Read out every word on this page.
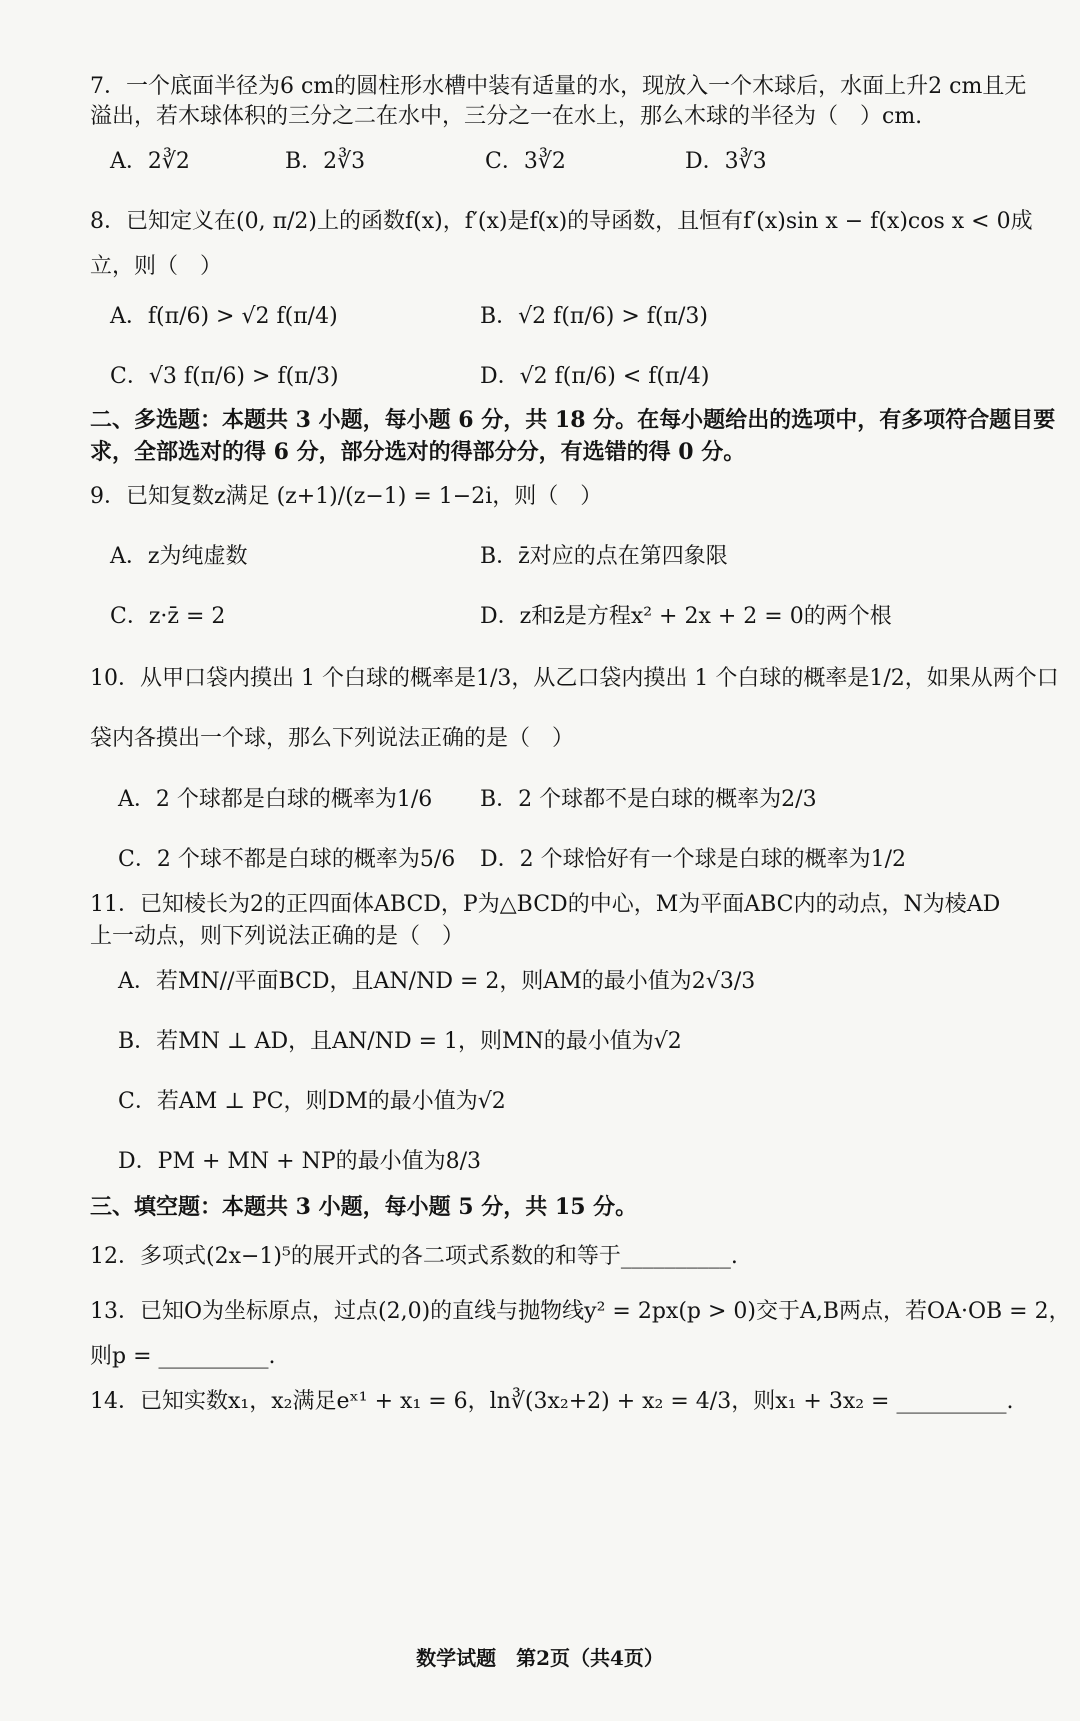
7．一个底面半径为6 cm的圆柱形水槽中装有适量的水，现放入一个木球后，水面上升2 cm且无
溢出，若木球体积的三分之二在水中，三分之一在水上，那么木球的半径为（　）cm.
A．2∛2	B．2∛3	C．3∛2	D．3∛3
8．已知定义在(0, π/2)上的函数f(x)，f′(x)是f(x)的导函数，且恒有f′(x)sin x − f(x)cos x < 0成
立，则（　）
A．f(π/6) > √2 f(π/4)	B．√2 f(π/6) > f(π/3)
C．√3 f(π/6) > f(π/3)	D．√2 f(π/6) < f(π/4)
二、多选题：本题共 3 小题，每小题 6 分，共 18 分。在每小题给出的选项中，有多项符合题目要
求，全部选对的得 6 分，部分选对的得部分分，有选错的得 0 分。
9．已知复数z满足 (z+1)/(z−1) = 1−2i，则（　）
A．z为纯虚数	B．z̄对应的点在第四象限
C．z·z̄ = 2	D．z和z̄是方程x² + 2x + 2 = 0的两个根
10．从甲口袋内摸出 1 个白球的概率是1/3，从乙口袋内摸出 1 个白球的概率是1/2，如果从两个口
袋内各摸出一个球，那么下列说法正确的是（　）
A．2 个球都是白球的概率为1/6 B．2 个球都不是白球的概率为2/3
C．2 个球不都是白球的概率为5/6 D．2 个球恰好有一个球是白球的概率为1/2
11．已知棱长为2的正四面体ABCD，P为△BCD的中心，M为平面ABC内的动点，N为棱AD
上一动点，则下列说法正确的是（　）
A．若MN//平面BCD，且AN/ND = 2，则AM的最小值为2√3/3
B．若MN ⊥ AD，且AN/ND = 1，则MN的最小值为√2
C．若AM ⊥ PC，则DM的最小值为√2
D．PM + MN + NP的最小值为8/3
三、填空题：本题共 3 小题，每小题 5 分，共 15 分。
12．多项式(2x−1)⁵的展开式的各二项式系数的和等于__________.
13．已知O为坐标原点，过点(2,0)的直线与抛物线y² = 2px(p > 0)交于A,B两点，若OA·OB = 2，
则p = __________.
14．已知实数x₁，x₂满足eˣ¹ + x₁ = 6，ln∛(3x₂+2) + x₂ = 4/3，则x₁ + 3x₂ = __________.
数学试题　第2页（共4页）
